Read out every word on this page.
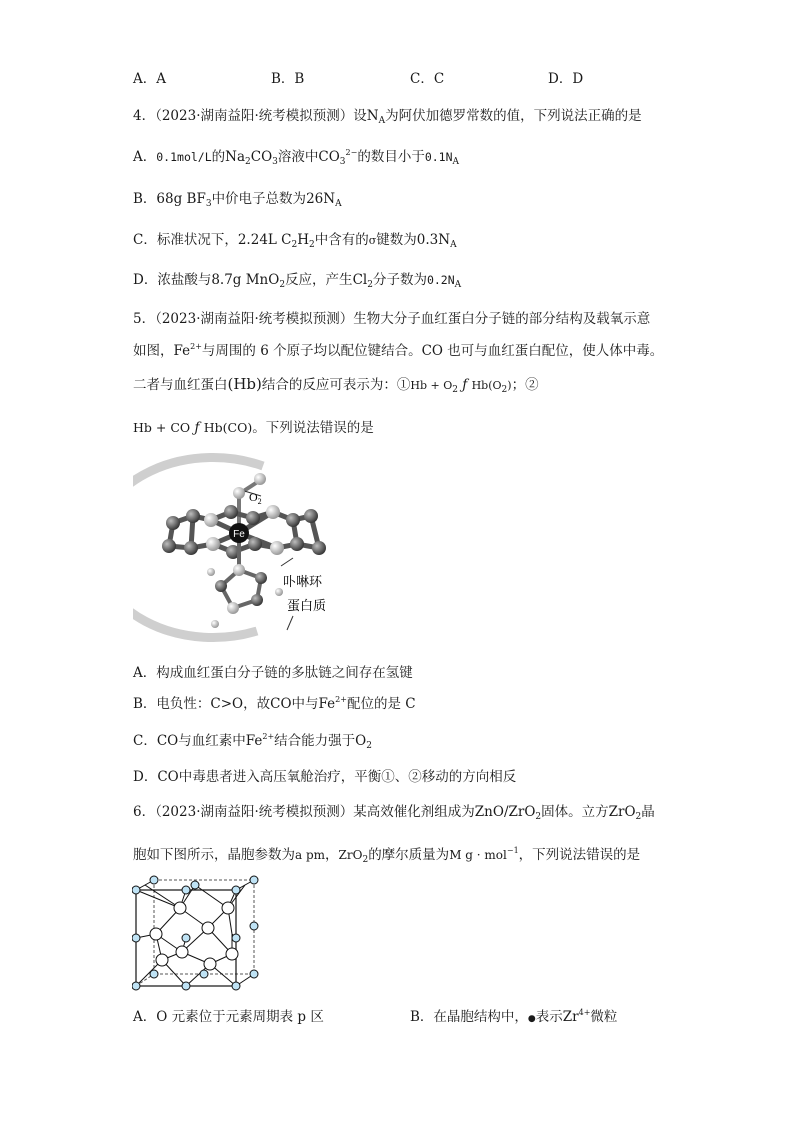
A．A	B．B	C．C	D．D
4．（2023·湖南益阳·统考模拟预测）设$N_A$为阿伏加德罗常数的值，下列说法正确的是
A．0.1mol/L的$Na_2CO_3$溶液中$CO_3^{2-}$的数目小于$0.1N_A$
B．68g $BF_3$中价电子总数为$26N_A$
C．标准状况下，2.24L $C_2H_2$中含有的σ键数为$0.3N_A$
D．浓盐酸与8.7g MnO$_2$反应，产生$Cl_2$分子数为$0.2N_A$
5．（2023·湖南益阳·统考模拟预测）生物大分子血红蛋白分子链的部分结构及载氧示意
如图，$Fe^{2+}$与周围的 6 个原子均以配位键结合。CO 也可与血红蛋白配位，使人体中毒。
二者与血红蛋白(Hb)结合的反应可表示为：①Hb + $O_2$ ƒ $Hb(O_2)$；②
Hb + CO ƒ Hb(CO)。下列说法错误的是
$O_2$
Fe
卟啉环
蛋白质
A．构成血红蛋白分子链的多肽链之间存在氢键
B．电负性：C>O，故CO中与$Fe^{2+}$配位的是 C
C．CO与血红素中$Fe^{2+}$结合能力强于$O_2$
D．CO中毒患者进入高压氧舱治疗，平衡①、②移动的方向相反
6．（2023·湖南益阳·统考模拟预测）某高效催化剂组成为ZnO/ZrO$_2$固体。立方ZrO$_2$晶
胞如下图所示，晶胞参数为a pm，ZrO$_2$的摩尔质量为M g · mol$^{-1}$，下列说法错误的是
A．O 元素位于元素周期表 p 区	B．在晶胞结构中，●表示$Zr^{4+}$微粒
